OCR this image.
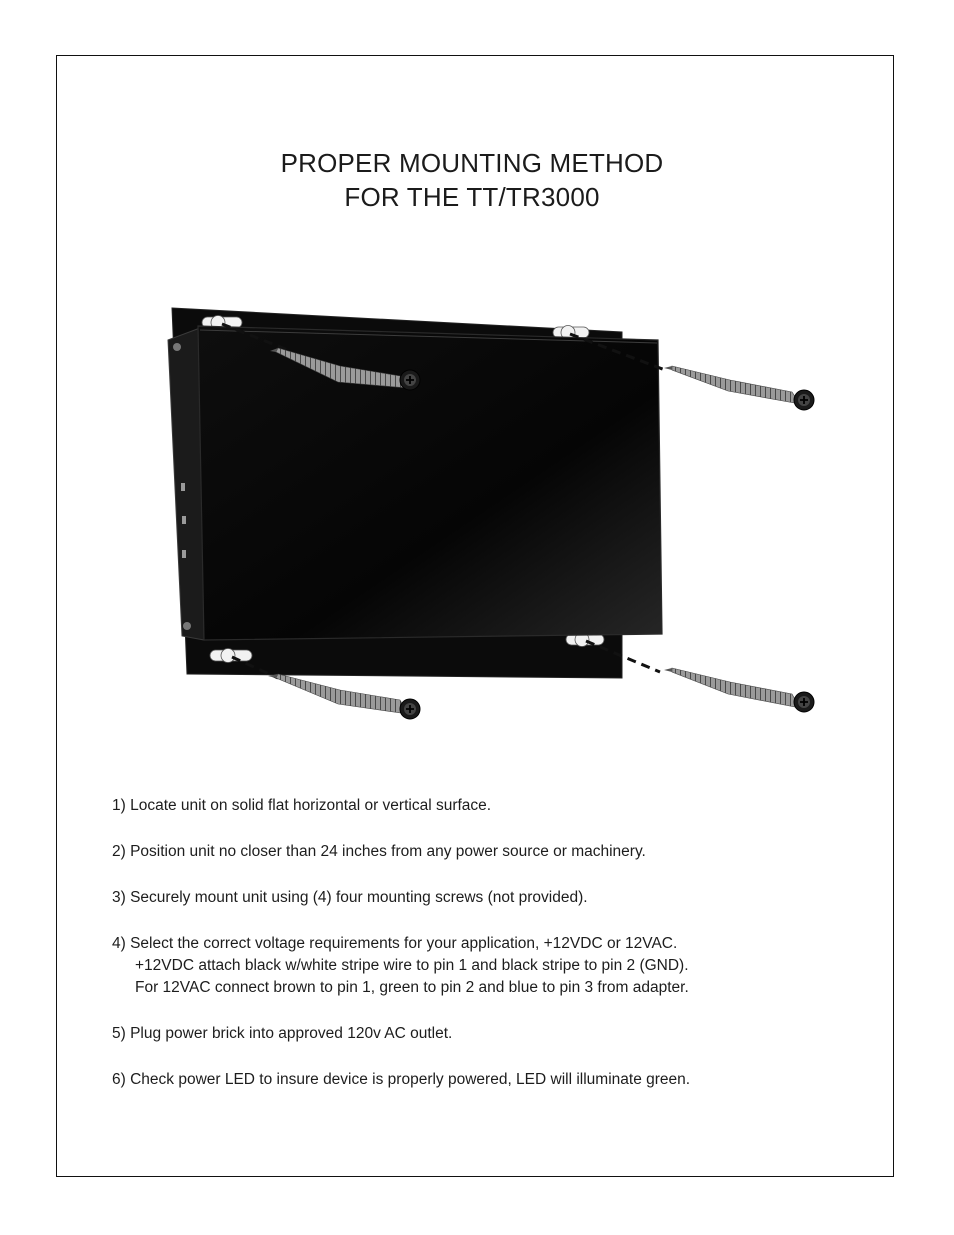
PROPER MOUNTING METHOD
FOR THE TT/TR3000

1) Locate unit on solid flat horizontal or vertical surface.

2) Position unit no closer than 24 inches from any power source or machinery.

3) Securely mount unit using (4) four mounting screws (not provided).

4) Select the correct voltage requirements for your application, +12VDC or 12VAC.
+12VDC attach black w/white stripe wire to pin 1 and black stripe to pin 2 (GND).
For 12VAC connect brown to pin 1, green to pin 2 and blue to pin 3 from adapter.

5) Plug power brick into approved 120v AC outlet.

6) Check power LED to insure device is properly powered, LED will illuminate green.
